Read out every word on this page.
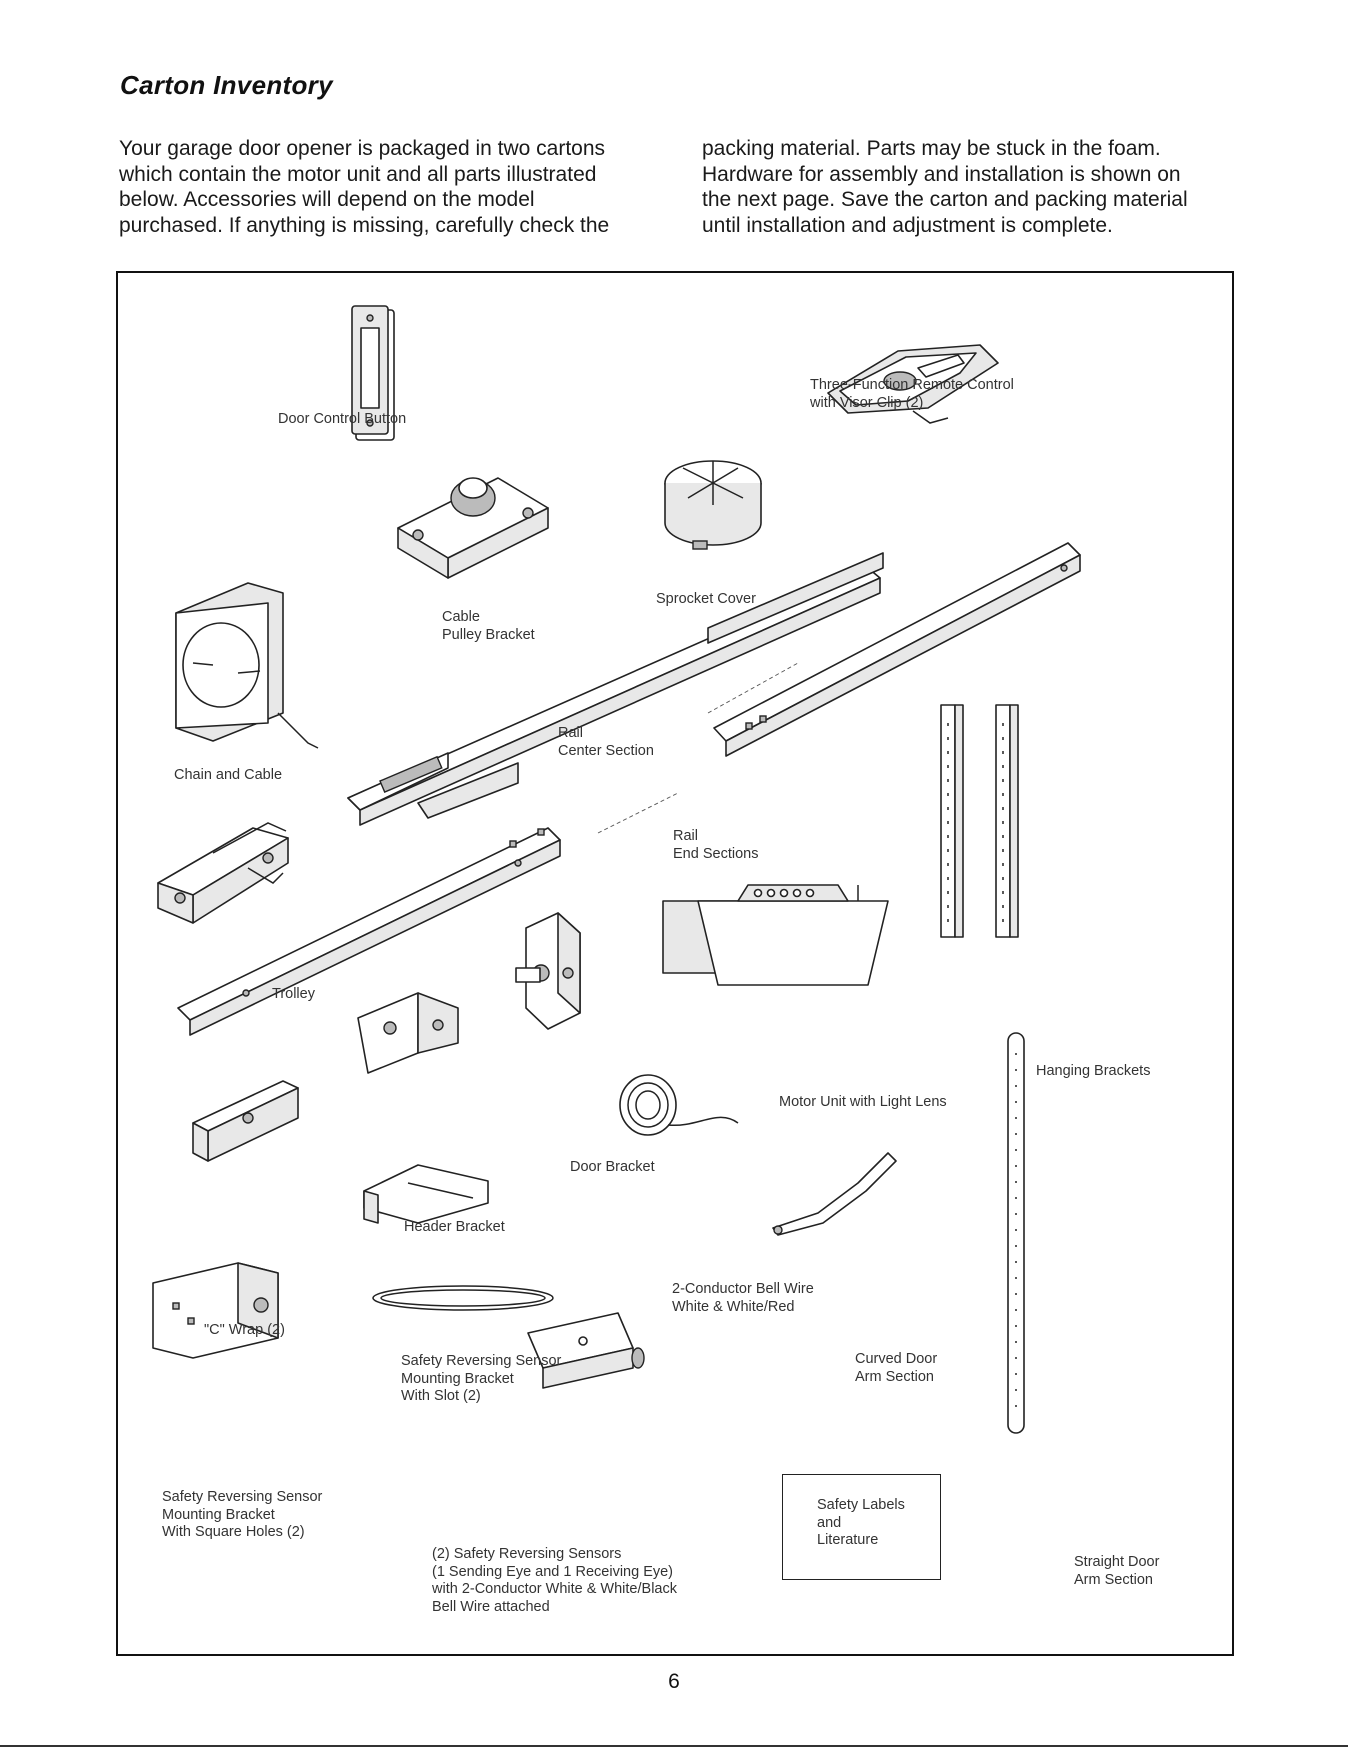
Carton Inventory

Your garage door opener is packaged in two cartons
which contain the motor unit and all parts illustrated
below. Accessories will depend on the model
purchased. If anything is missing, carefully check the

packing material. Parts may be stuck in the foam.
Hardware for assembly and installation is shown on
the next page. Save the carton and packing material
until installation and adjustment is complete.

Door Control Button

Three-Function Remote Control
with Visor Clip (2)

Cable
Pulley Bracket

Sprocket Cover

Chain and Cable

Rail
Center Section

Rail
End Sections

Trolley

Hanging Brackets

Motor Unit with Light Lens

Door Bracket

Header Bracket

"C" Wrap (2)

2-Conductor Bell Wire
White & White/Red

Curved Door
Arm Section

Safety Reversing Sensor
Mounting Bracket
With Slot (2)

Safety Reversing Sensor
Mounting Bracket
With Square Holes (2)

(2) Safety Reversing Sensors
(1 Sending Eye and 1 Receiving Eye)
with 2-Conductor White & White/Black
Bell Wire attached

Straight Door
Arm Section

Safety Labels
and
Literature

6
